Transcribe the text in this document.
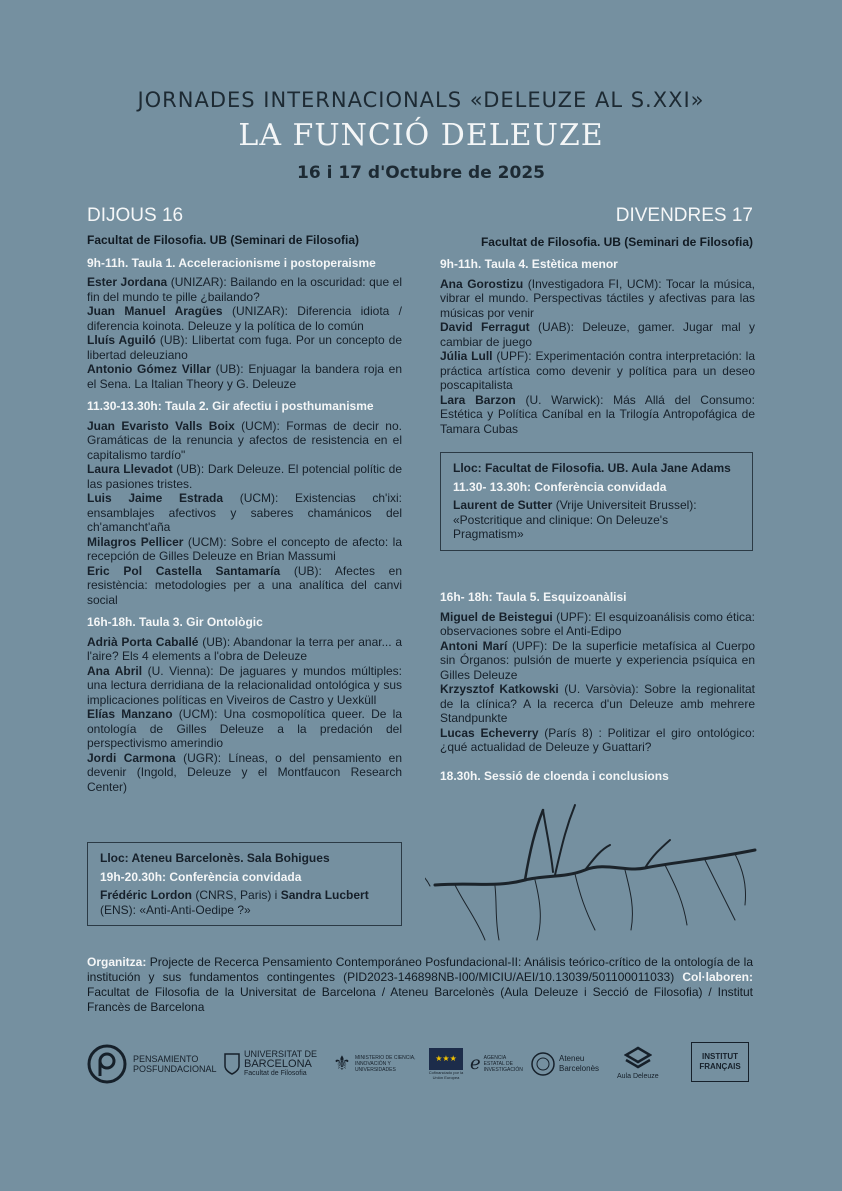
JORNADES INTERNACIONALS «DELEUZE AL S.XXI»
LA FUNCIÓ DELEUZE
16 i 17 d'Octubre de 2025
DIJOUS 16	DIVENDRES 17

Facultat de Filosofia. UB (Seminari de Filosofia)

9h-11h. Taula 1. Acceleracionisme i postoperaisme

Ester Jordana (UNIZAR): Bailando en la oscuridad: que el fin del mundo te pille ¿bailando?

Juan Manuel Aragües (UNIZAR): Diferencia idiota / diferencia koinota. Deleuze y la política de lo común

Lluís Aguiló (UB): Llibertat com fuga. Por un concepto de libertad deleuziano

Antonio Gómez Villar (UB): Enjuagar la bandera roja en el Sena. La Italian Theory y G. Deleuze

11.30-13.30h: Taula 2. Gir afectiu i posthumanisme

Juan Evaristo Valls Boix (UCM): Formas de decir no. Gramáticas de la renuncia y afectos de resistencia en el capitalismo tardío"

Laura Llevadot (UB): Dark Deleuze. El potencial polític de las pasiones tristes.

Luis Jaime Estrada (UCM): Existencias ch'ixi: ensamblajes afectivos y saberes chamánicos del ch'amancht'aña

Milagros Pellicer (UCM): Sobre el concepto de afecto: la recepción de Gilles Deleuze en Brian Massumi

Eric Pol Castella Santamaría (UB): Afectes en resistència: metodologies per a una analítica del canvi social

16h-18h. Taula 3. Gir Ontològic

Adrià Porta Caballé (UB): Abandonar la terra per anar... a l'aire? Els 4 elements a l'obra de Deleuze

Ana Abril (U. Vienna): De jaguares y mundos múltiples: una lectura derridiana de la relacionalidad ontológica y sus implicaciones políticas en Viveiros de Castro y Uexküll

Elías Manzano (UCM): Una cosmopolítica queer. De la ontología de Gilles Deleuze a la predación del perspectivismo amerindio

Jordi Carmona (UGR): Líneas, o del pensamiento en devenir (Ingold, Deleuze y el Montfaucon Research Center)

Lloc: Ateneu Barcelonès. Sala Bohigues
19h-20.30h: Conferència convidada
Frédéric Lordon (CNRS, Paris) i Sandra Lucbert (ENS): «Anti-Anti-Oedipe ?»
Facultat de Filosofia. UB (Seminari de Filosofia)

9h-11h. Taula 4. Estètica menor

Ana Gorostizu (Investigadora FI, UCM): Tocar la música, vibrar el mundo. Perspectivas táctiles y afectivas para las músicas por venir

David Ferragut (UAB): Deleuze, gamer. Jugar mal y cambiar de juego

Júlia Lull (UPF): Experimentación contra interpretación: la práctica artística como devenir y política para un deseo poscapitalista

Lara Barzon (U. Warwick): Más Allá del Consumo: Estética y Política Caníbal en la Trilogía Antropofágica de Tamara Cubas

Lloc: Facultat de Filosofia. UB. Aula Jane Adams
11.30- 13.30h: Conferència convidada
Laurent de Sutter (Vrije Universiteit Brussel): «Postcritique and clinique: On Deleuze's Pragmatism»

16h- 18h: Taula 5. Esquizoanàlisi

Miguel de Beistegui (UPF): El esquizoanálisis como ética: observaciones sobre el Anti-Edipo

Antoni Marí (UPF): De la superficie metafísica al Cuerpo sin Órganos: pulsión de muerte y experiencia psíquica en Gilles Deleuze

Krzysztof Katkowski (U. Varsòvia): Sobre la regionalitat de la clínica? A la recerca d'un Deleuze amb mehrere Standpunkte

Lucas Echeverry (París 8) : Politizar el giro ontológico: ¿qué actualidad de Deleuze y Guattari?

18.30h. Sessió de cloenda i conclusions

Organitza: Projecte de Recerca Pensamiento Contemporáneo Posfundacional-II: Análisis teórico-crítico de la ontología de la institución y sus fundamentos contingentes (PID2023-146898NB-I00/MICIU/AEI/10.13039/501100011033) Col·laboren: Facultat de Filosofia de la Universitat de Barcelona / Ateneu Barcelonès (Aula Deleuze i Secció de Filosofia) / Institut Francès de Barcelona
PENSAMIENTO
POSFUNDACIONAL
UNIVERSITAT DE
BARCELONA
Facultat de Filosofia	⚜ MINISTERIO DE CIENCIA, INNOVACIÓN Y UNIVERSIDADES
★★★
Cofinanciado por la Unión Europea
ℯ AGENCIA ESTATAL DE INVESTIGACIÓN
Ateneu
Barcelonès
Aula Deleuze
INSTITUT
FRANÇAIS
